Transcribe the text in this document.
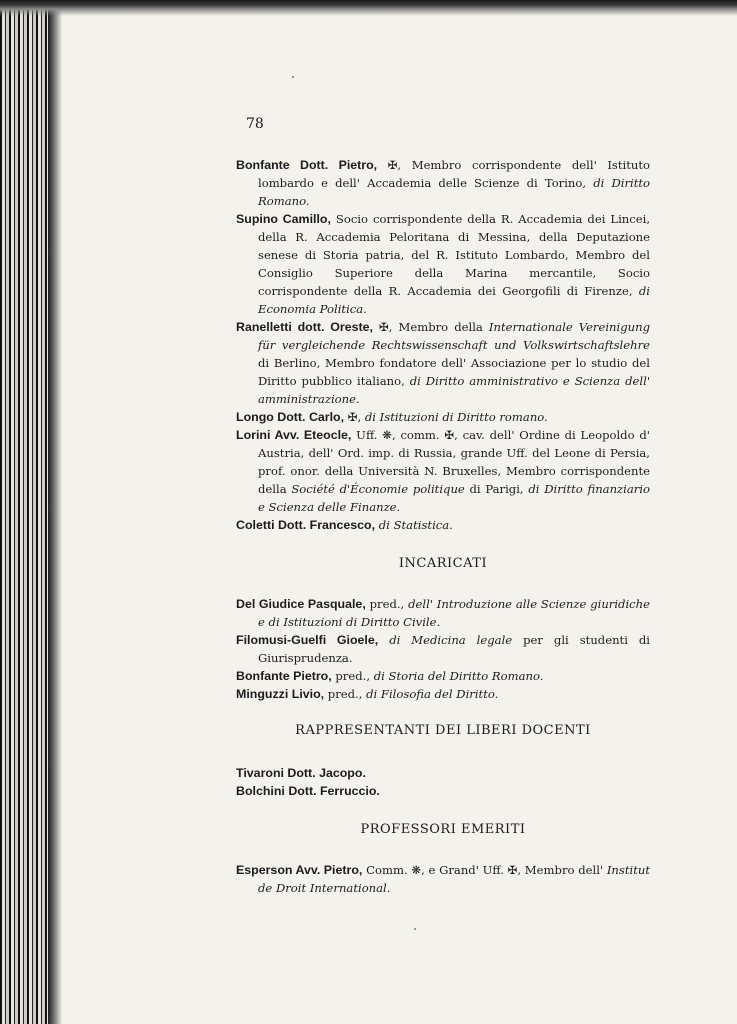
78

Bonfante Dott. Pietro, ✠, Membro corrispondente dell' Istituto lombardo e dell' Accademia delle Scienze di Torino, di Diritto Romano.

Supino Camillo, Socio corrispondente della R. Accademia dei Lincei, della R. Accademia Peloritana di Messina, della Deputazione senese di Storia patria, del R. Istituto Lombardo, Membro del Consiglio Superiore della Marina mercantile, Socio corrispondente della R. Accademia dei Georgofili di Firenze, di Economia Politica.

Ranelletti dott. Oreste, ✠, Membro della Internationale Vereinigung für vergleichende Rechtswissenschaft und Volkswirtschaftslehre di Berlino, Membro fondatore dell' Associazione per lo studio del Diritto pubblico italiano, di Diritto amministrativo e Scienza dell' amministrazione.

Longo Dott. Carlo, ✠, di Istituzioni di Diritto romano.

Lorini Avv. Eteocle, Uff. ❋, comm. ✠, cav. dell' Ordine di Leopoldo d' Austria, dell' Ord. imp. di Russia, grande Uff. del Leone di Persia, prof. onor. della Università N. Bruxelles, Membro corrispondente della Société d'Économie politique di Parigi, di Diritto finanziario e Scienza delle Finanze.

Coletti Dott. Francesco, di Statistica.

INCARICATI

Del Giudice Pasquale, pred., dell' Introduzione alle Scienze giuridiche e di Istituzioni di Diritto Civile.

Filomusi-Guelfi Gioele, di Medicina legale per gli studenti di Giurisprudenza.

Bonfante Pietro, pred., di Storia del Diritto Romano.

Minguzzi Livio, pred., di Filosofia del Diritto.

RAPPRESENTANTI DEI LIBERI DOCENTI

Tivaroni Dott. Jacopo.

Bolchini Dott. Ferruccio.

PROFESSORI EMERITI

Esperson Avv. Pietro, Comm. ❋, e Grand' Uff. ✠, Membro dell' Institut de Droit International.
